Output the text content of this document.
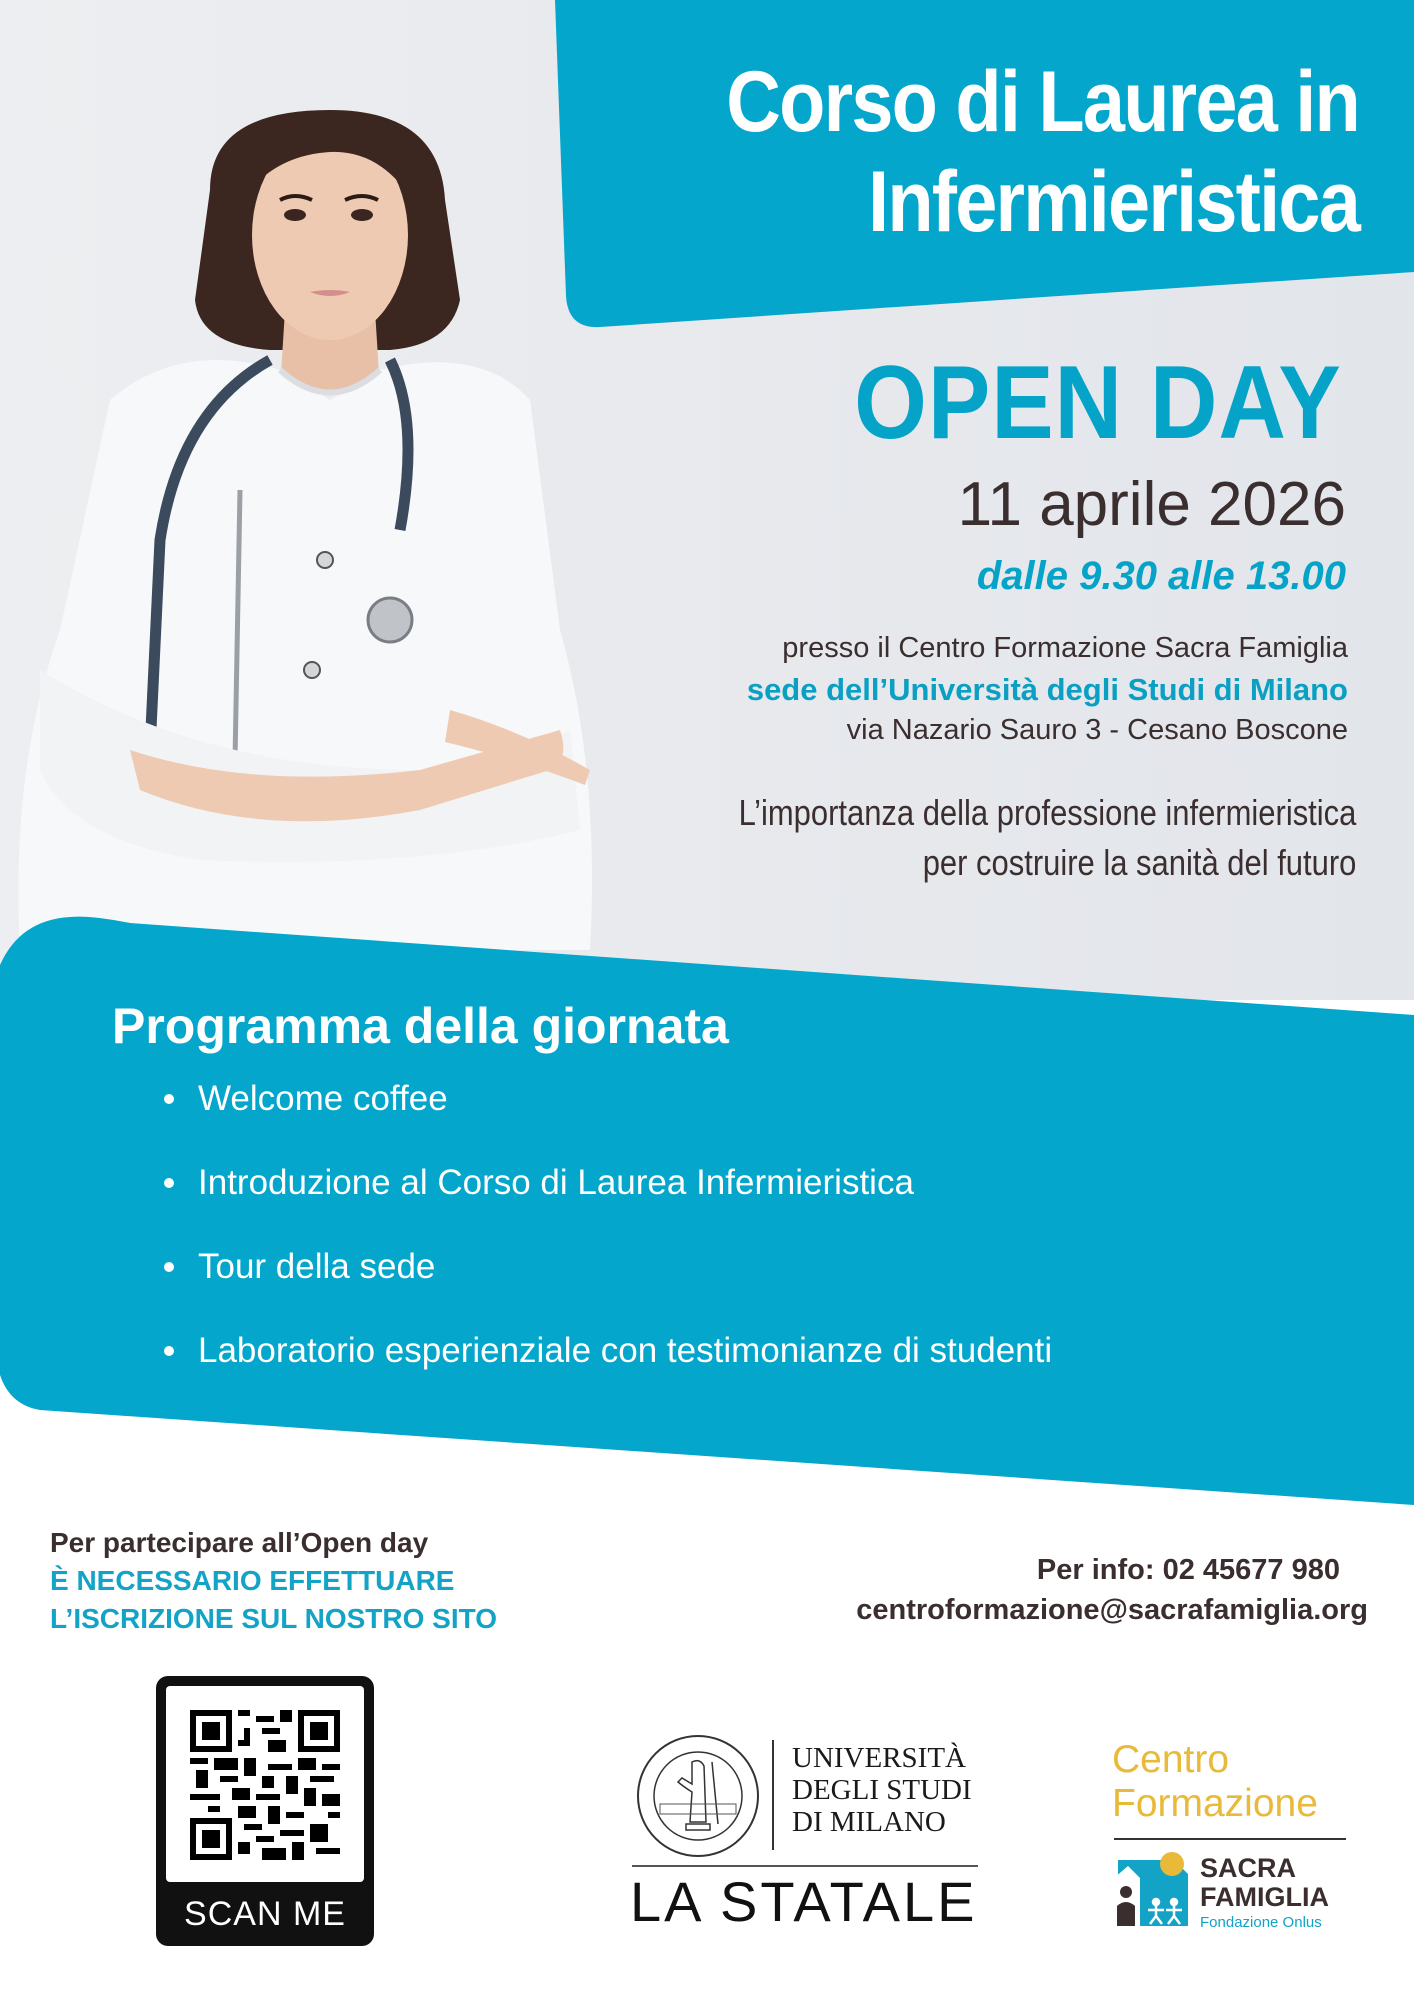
Corso di Laurea in
Infermieristica
OPEN DAY
11 aprile 2026
dalle 9.30 alle 13.00
presso il Centro Formazione Sacra Famiglia
sede dell’Università degli Studi di Milano
via Nazario Sauro 3 - Cesano Boscone
L’importanza della professione infermieristica
per costruire la sanità del futuro
Programma della giornata
Welcome coffee
Introduzione al Corso di Laurea Infermieristica
Tour della sede
Laboratorio esperienziale con testimonianze di studenti
Per partecipare all’Open day
È NECESSARIO EFFETTUARE
L’ISCRIZIONE SUL NOSTRO SITO
Per info: 02 45677 980
centroformazione@sacrafamiglia.org
SCAN ME
UNIVERSITÀ
DEGLI STUDI
DI MILANO
LA STATALE
Centro
Formazione
SACRA
FAMIGLIA
Fondazione Onlus
